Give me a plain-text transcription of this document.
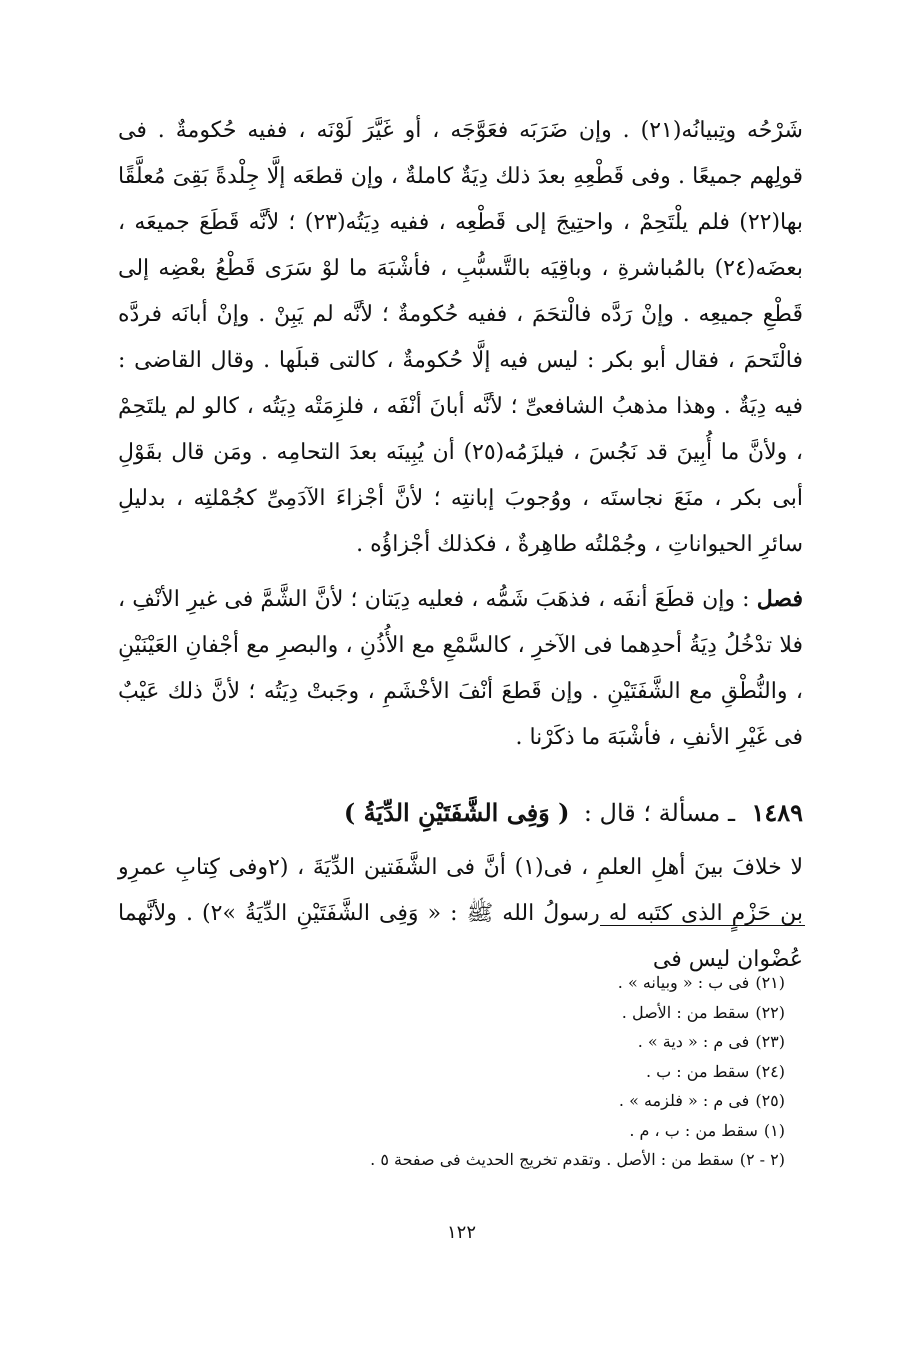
شَرْحُه وتِبيانُه(٢١) . وإن ضَرَبَه فعَوَّجَه ، أو غَيَّرَ لَوْنَه ، ففيه حُكومةٌ . فى قولِهم جميعًا . وفى قَطْعِهِ بعدَ ذلك دِيَةٌ كاملةٌ ، وإن قطعَه إلَّا جِلْدةً بَقِىَ مُعلَّقًا بها(٢٢) فلم يلْتَحِمْ ، واحتِيجَ إلى قَطْعِه ، ففيه دِيَتُه(٢٣) ؛ لأنَّه قَطَعَ جميعَه ، بعضَه(٢٤) بالمُباشرةِ ، وباقِيَه بالتَّسبُّبِ ، فأشْبَهَ ما لوْ سَرَى قَطْعُ بعْضِه إلى قَطْعِ جميعِه . وإنْ رَدَّه فالْتحَمَ ، ففيه حُكومةٌ ؛ لأنَّه لم يَبِنْ . وإنْ أبانَه فردَّه فالْتَحمَ ، فقال أبو بكر : ليس فيه إلَّا حُكومةٌ ، كالتى قبلَها . وقال القاضى : فيه دِيَةٌ . وهذا مذهبُ الشافعىِّ ؛ لأنَّه أبانَ أنْفَه ، فلزِمَتْه دِيَتُه ، كالو لم يلتَحِمْ ، ولأنَّ ما أُبِينَ قد نَجُسَ ، فيلزَمُه(٢٥) أن يُبِينَه بعدَ التحامِه . ومَن قال بقَوْلِ أبى بكر ، منَعَ نجاستَه ، ووُجوبَ إبانتِه ؛ لأنَّ أجْزاءَ الآدَمِىِّ كجُمْلتِه ، بدليلِ سائرِ الحيواناتِ ، وجُمْلتُه طاهِرةٌ ، فكذلك أجْزاؤُه .

فصل : وإن قطَعَ أنفَه ، فذهَبَ شَمُّه ، فعليه دِيَتان ؛ لأنَّ الشَّمَّ فى غيرِ الأنْفِ ، فلا تدْخُلُ دِيَةُ أحدِهما فى الآخرِ ، كالسَّمْعِ مع الأُذُنِ ، والبصرِ مع أجْفانِ العَيْنَيْنِ ، والنُّطْقِ مع الشَّفَتَيْنِ . وإن قَطعَ أنْفَ الأخْشَمِ ، وجَبتْ دِيَتُه ؛ لأنَّ ذلك عَيْبٌ فى غَيْرِ الأنفِ ، فأشْبَهَ ما ذكَرْنا .

١٤٨٩ ـ مسألة ؛ قال : ( وَفِى الشَّفَتَيْنِ الدِّيَةُ )

لا خلافَ بينَ أهلِ العلمِ ، فى(١) أنَّ فى الشَّفَتين الدِّيَةَ ، (٢وفى كِتابِ عمرِو بن حَزْمٍ الذى كتَبه له رسولُ الله ﷺ : « وَفِى الشَّفَتَيْنِ الدِّيَةُ »٢) . ولأنَّهما عُضْوان ليس فى

(٢١)فى ب : « وبيانه » .
(٢٢)سقط من : الأصل .
(٢٣)فى م : « دية » .
(٢٤)سقط من : ب .
(٢٥)فى م : « فلزمه » .
(١)سقط من : ب ، م .
(٢ - ٢)سقط من : الأصل . وتقدم تخريج الحديث فى صفحة ٥ .
١٢٢
